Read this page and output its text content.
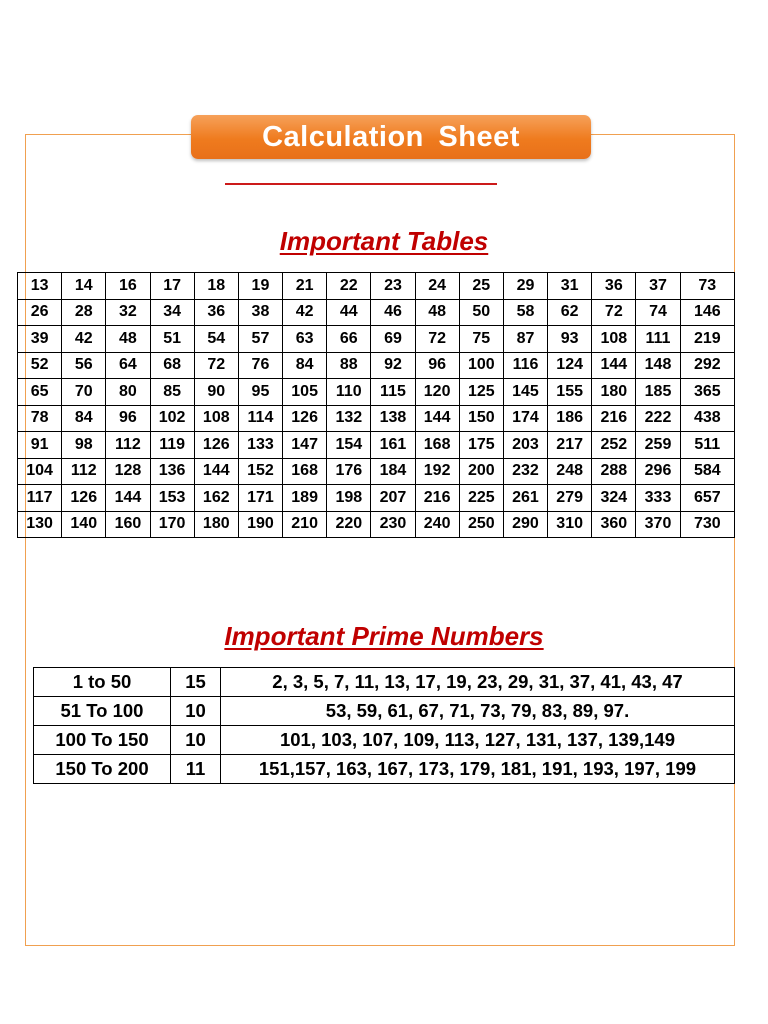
Calculation Sheet
Important Tables
13	14	16	17	18	19	21	22	23	24	25	29	31	36	37	73
26	28	32	34	36	38	42	44	46	48	50	58	62	72	74	146
39	42	48	51	54	57	63	66	69	72	75	87	93	108	111	219
52	56	64	68	72	76	84	88	92	96	100	116	124	144	148	292
65	70	80	85	90	95	105	110	115	120	125	145	155	180	185	365
78	84	96	102	108	114	126	132	138	144	150	174	186	216	222	438
91	98	112	119	126	133	147	154	161	168	175	203	217	252	259	511
104	112	128	136	144	152	168	176	184	192	200	232	248	288	296	584
117	126	144	153	162	171	189	198	207	216	225	261	279	324	333	657
130	140	160	170	180	190	210	220	230	240	250	290	310	360	370	730
Important Prime Numbers
1 to 50	15	2, 3, 5, 7, 11, 13, 17, 19, 23, 29, 31, 37, 41, 43, 47
51 To 100	10	53, 59, 61, 67, 71, 73, 79, 83, 89, 97.
100 To 150	10	101, 103, 107, 109, 113, 127, 131, 137, 139,149
150 To 200	11	151,157, 163, 167, 173, 179, 181, 191, 193, 197, 199
